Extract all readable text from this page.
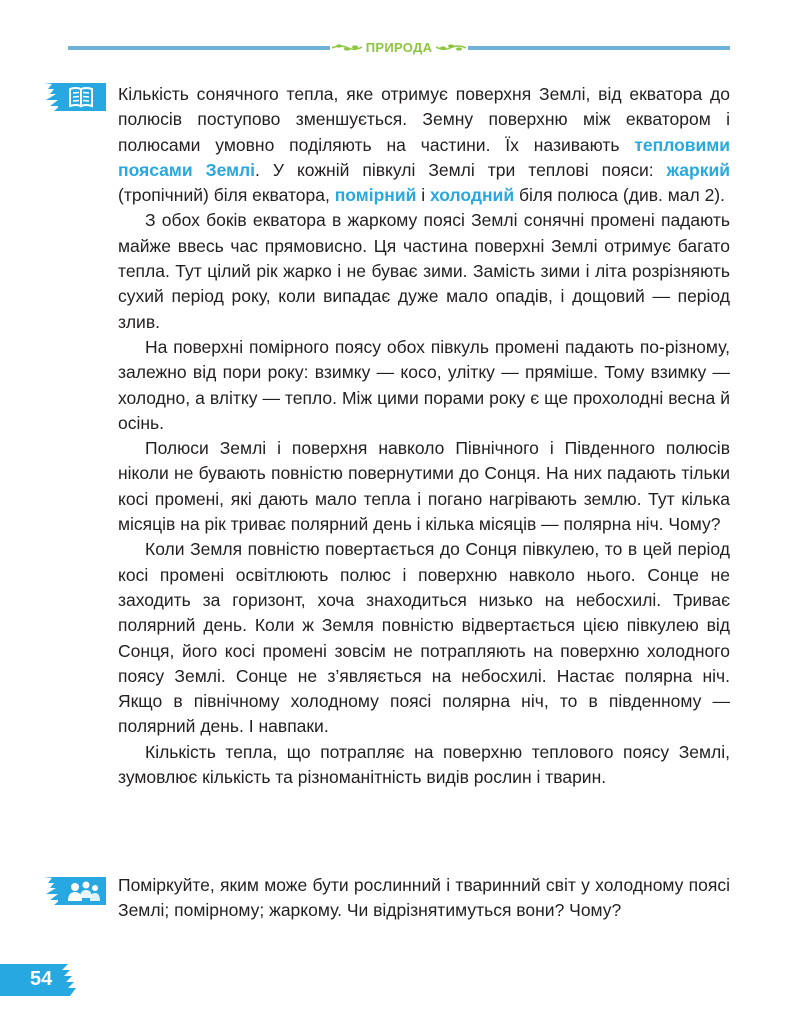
ПРИРОДА

Кількість сонячного тепла, яке отримує поверхня Землі, від екватора до полюсів поступово зменшується. Земну поверхню між екватором і полюсами умовно поділяють на частини. Їх називають тепловими поясами Землі. У кожній півкулі Землі три теплові пояси: жаркий (тропічний) біля екватора, помірний і холодний біля полюса (див. мал 2).

З обох боків екватора в жаркому поясі Землі сонячні промені падають майже ввесь час прямовисно. Ця частина поверхні Землі отримує багато тепла. Тут цілий рік жарко і не буває зими. Замість зими і літа розрізняють сухий період року, коли випадає дуже мало опадів, і дощовий — період злив.

На поверхні помірного поясу обох півкуль промені падають по-різному, залежно від пори року: взимку — косо, улітку — пряміше. Тому взимку — холодно, а влітку — тепло. Між цими порами року є ще прохолодні весна й осінь.

Полюси Землі і поверхня навколо Північного і Південного полюсів ніколи не бувають повністю повернутими до Сонця. На них падають тільки косі промені, які дають мало тепла і погано нагрівають землю. Тут кілька місяців на рік триває полярний день і кілька місяців — полярна ніч. Чому?

Коли Земля повністю повертається до Сонця півкулею, то в цей період косі промені освітлюють полюс і поверхню навколо нього. Сонце не заходить за горизонт, хоча знаходиться низько на небосхилі. Триває полярний день. Коли ж Земля повністю відвертається цією півкулею від Сонця, його косі промені зовсім не потрапляють на поверхню холодного поясу Землі. Сонце не з’являється на небосхилі. Настає полярна ніч. Якщо в північному холодному поясі полярна ніч, то в південному — полярний день. І навпаки.

Кількість тепла, що потрапляє на поверхню теплового поясу Землі, зумовлює кількість та різноманітність видів рослин і тварин.

Поміркуйте, яким може бути рослинний і тваринний світ у холодному поясі Землі; помірному; жаркому. Чи відрізнятимуться вони? Чому?

54
